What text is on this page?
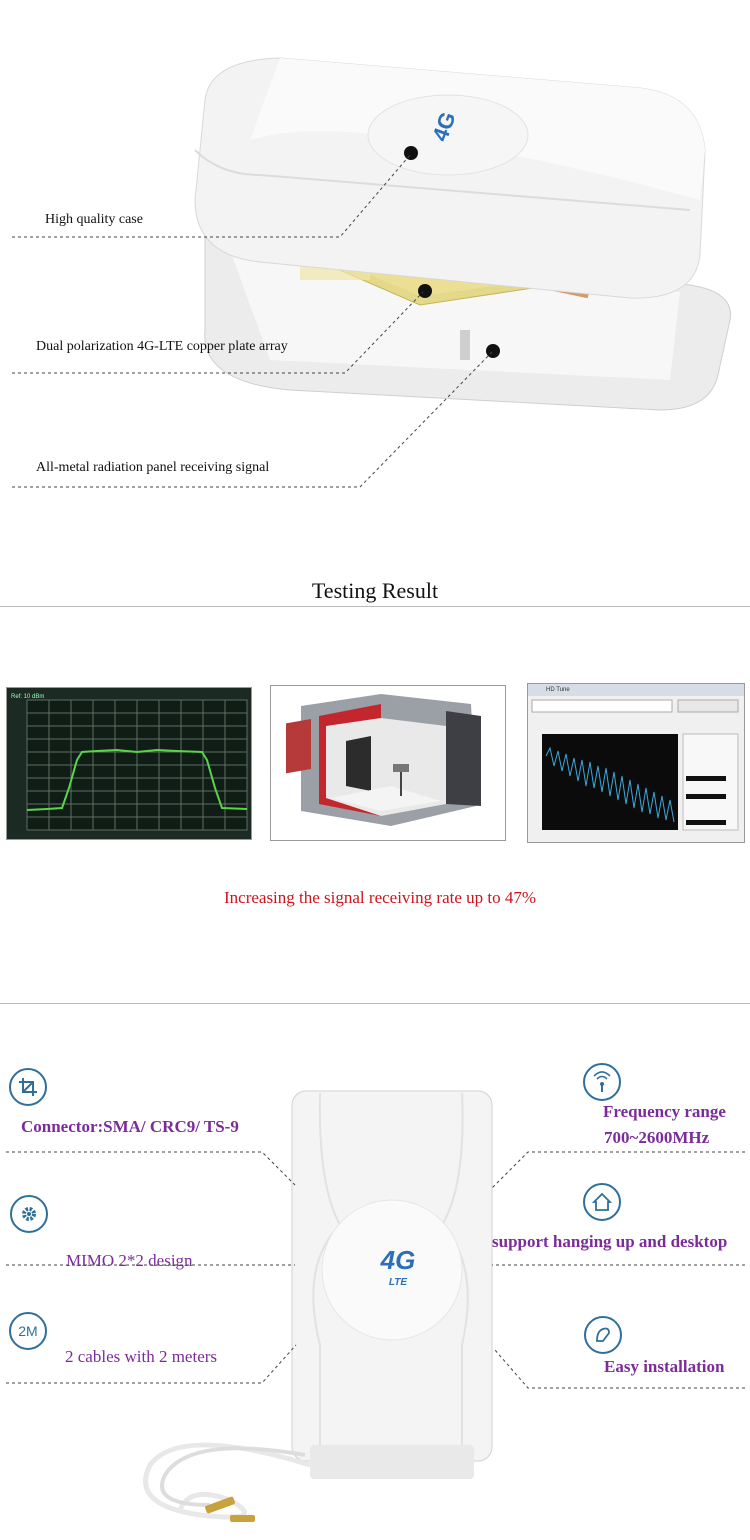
4G
High quality case
Dual polarization 4G-LTE copper plate array
All-metal radiation panel receiving signal
Testing Result
Ref: 10 dBm
HD Tune
Increasing the signal receiving rate up to 47%
4G
LTE
Connector:SMA/ CRC9/ TS-9
MIMO 2*2 design
2M
2 cables with 2 meters
Frequency range
700~2600MHz
support hanging up and desktop
Easy installation
